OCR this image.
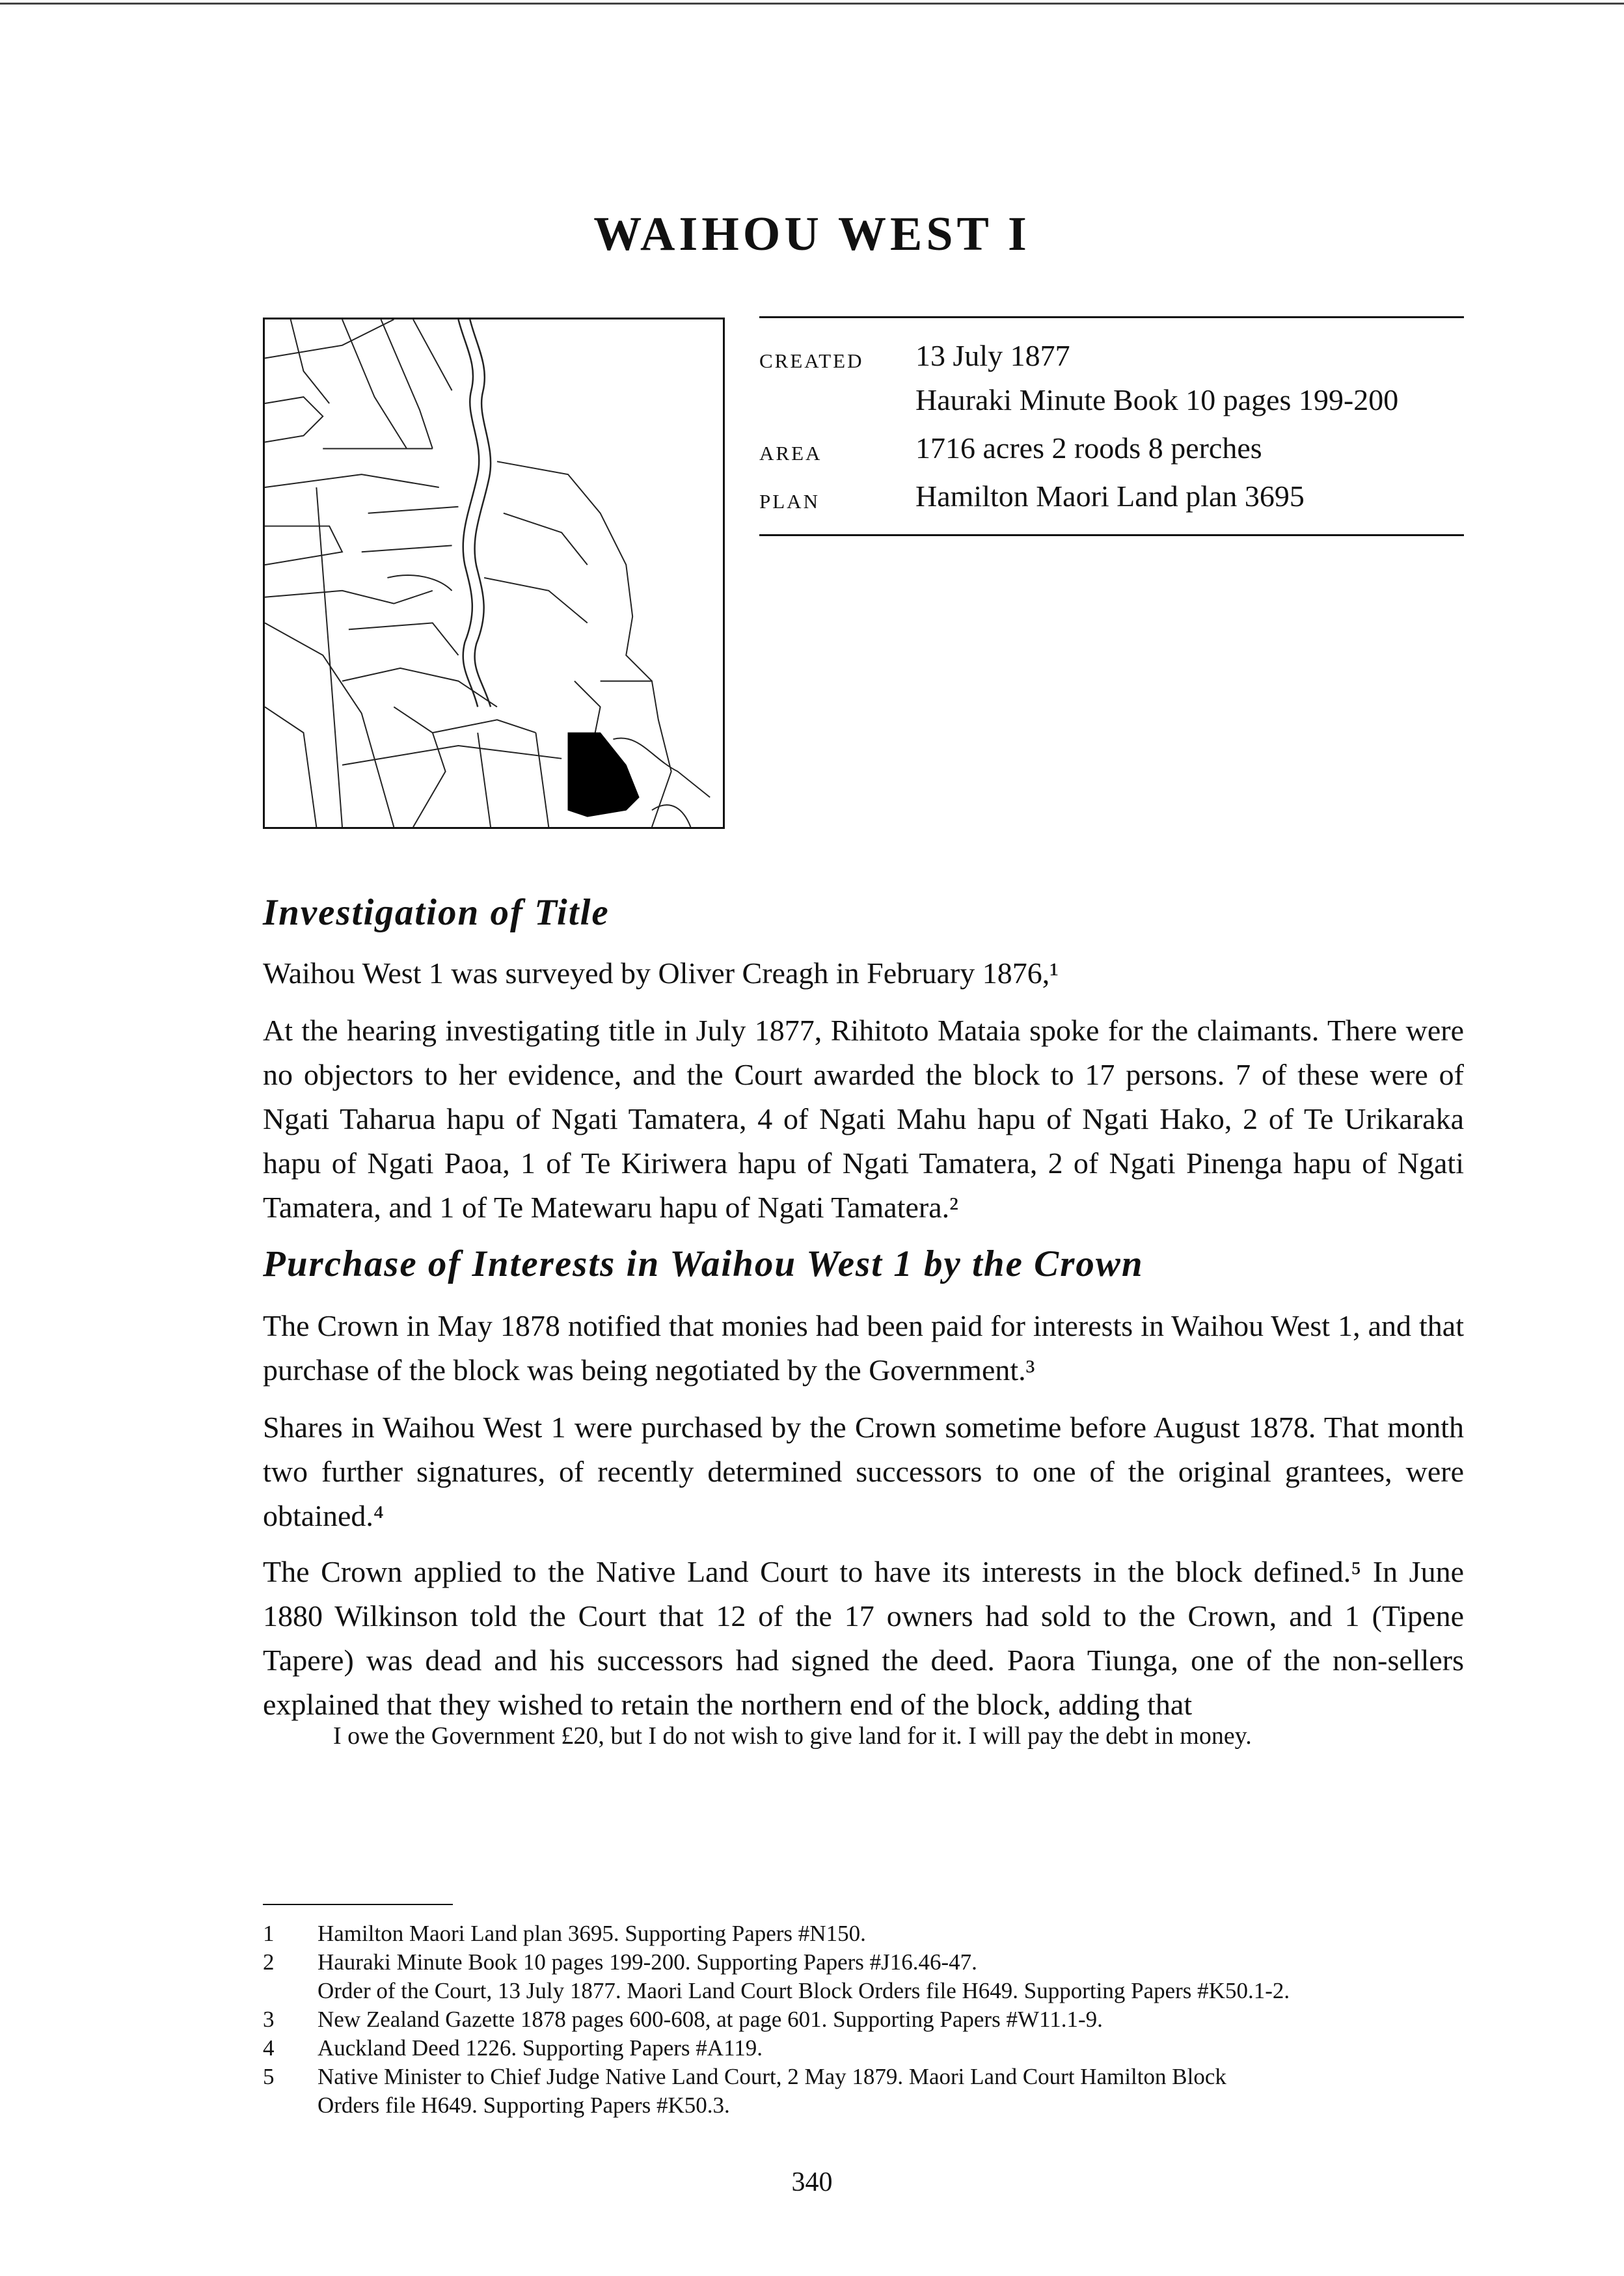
WAIHOU WEST I
CREATED	13 July 1877
Hauraki Minute Book 10 pages 199-200
AREA	1716 acres 2 roods 8 perches
PLAN	Hamilton Maori Land plan 3695
Investigation of Title

Waihou West 1 was surveyed by Oliver Creagh in February 1876,¹

At the hearing investigating title in July 1877, Rihitoto Mataia spoke for the claimants. There were no objectors to her evidence, and the Court awarded the block to 17 persons. 7 of these were of Ngati Taharua hapu of Ngati Tamatera, 4 of Ngati Mahu hapu of Ngati Hako, 2 of Te Urikaraka hapu of Ngati Paoa, 1 of Te Kiriwera hapu of Ngati Tamatera, 2 of Ngati Pinenga hapu of Ngati Tamatera, and 1 of Te Matewaru hapu of Ngati Tamatera.²

Purchase of Interests in Waihou West 1 by the Crown

The Crown in May 1878 notified that monies had been paid for interests in Waihou West 1, and that purchase of the block was being negotiated by the Government.³

Shares in Waihou West 1 were purchased by the Crown sometime before August 1878. That month two further signatures, of recently determined successors to one of the original grantees, were obtained.⁴

The Crown applied to the Native Land Court to have its interests in the block defined.⁵ In June 1880 Wilkinson told the Court that 12 of the 17 owners had sold to the Crown, and 1 (Tipene Tapere) was dead and his successors had signed the deed. Paora Tiunga, one of the non-sellers explained that they wished to retain the northern end of the block, adding that

I owe the Government £20, but I do not wish to give land for it. I will pay the debt in money.

1	Hamilton Maori Land plan 3695. Supporting Papers #N150.
2	Hauraki Minute Book 10 pages 199-200. Supporting Papers #J16.46-47.
Order of the Court, 13 July 1877. Maori Land Court Block Orders file H649. Supporting Papers #K50.1-2.
3	New Zealand Gazette 1878 pages 600-608, at page 601. Supporting Papers #W11.1-9.
4	Auckland Deed 1226. Supporting Papers #A119.
5	Native Minister to Chief Judge Native Land Court, 2 May 1879. Maori Land Court Hamilton Block
Orders file H649. Supporting Papers #K50.3.
340
